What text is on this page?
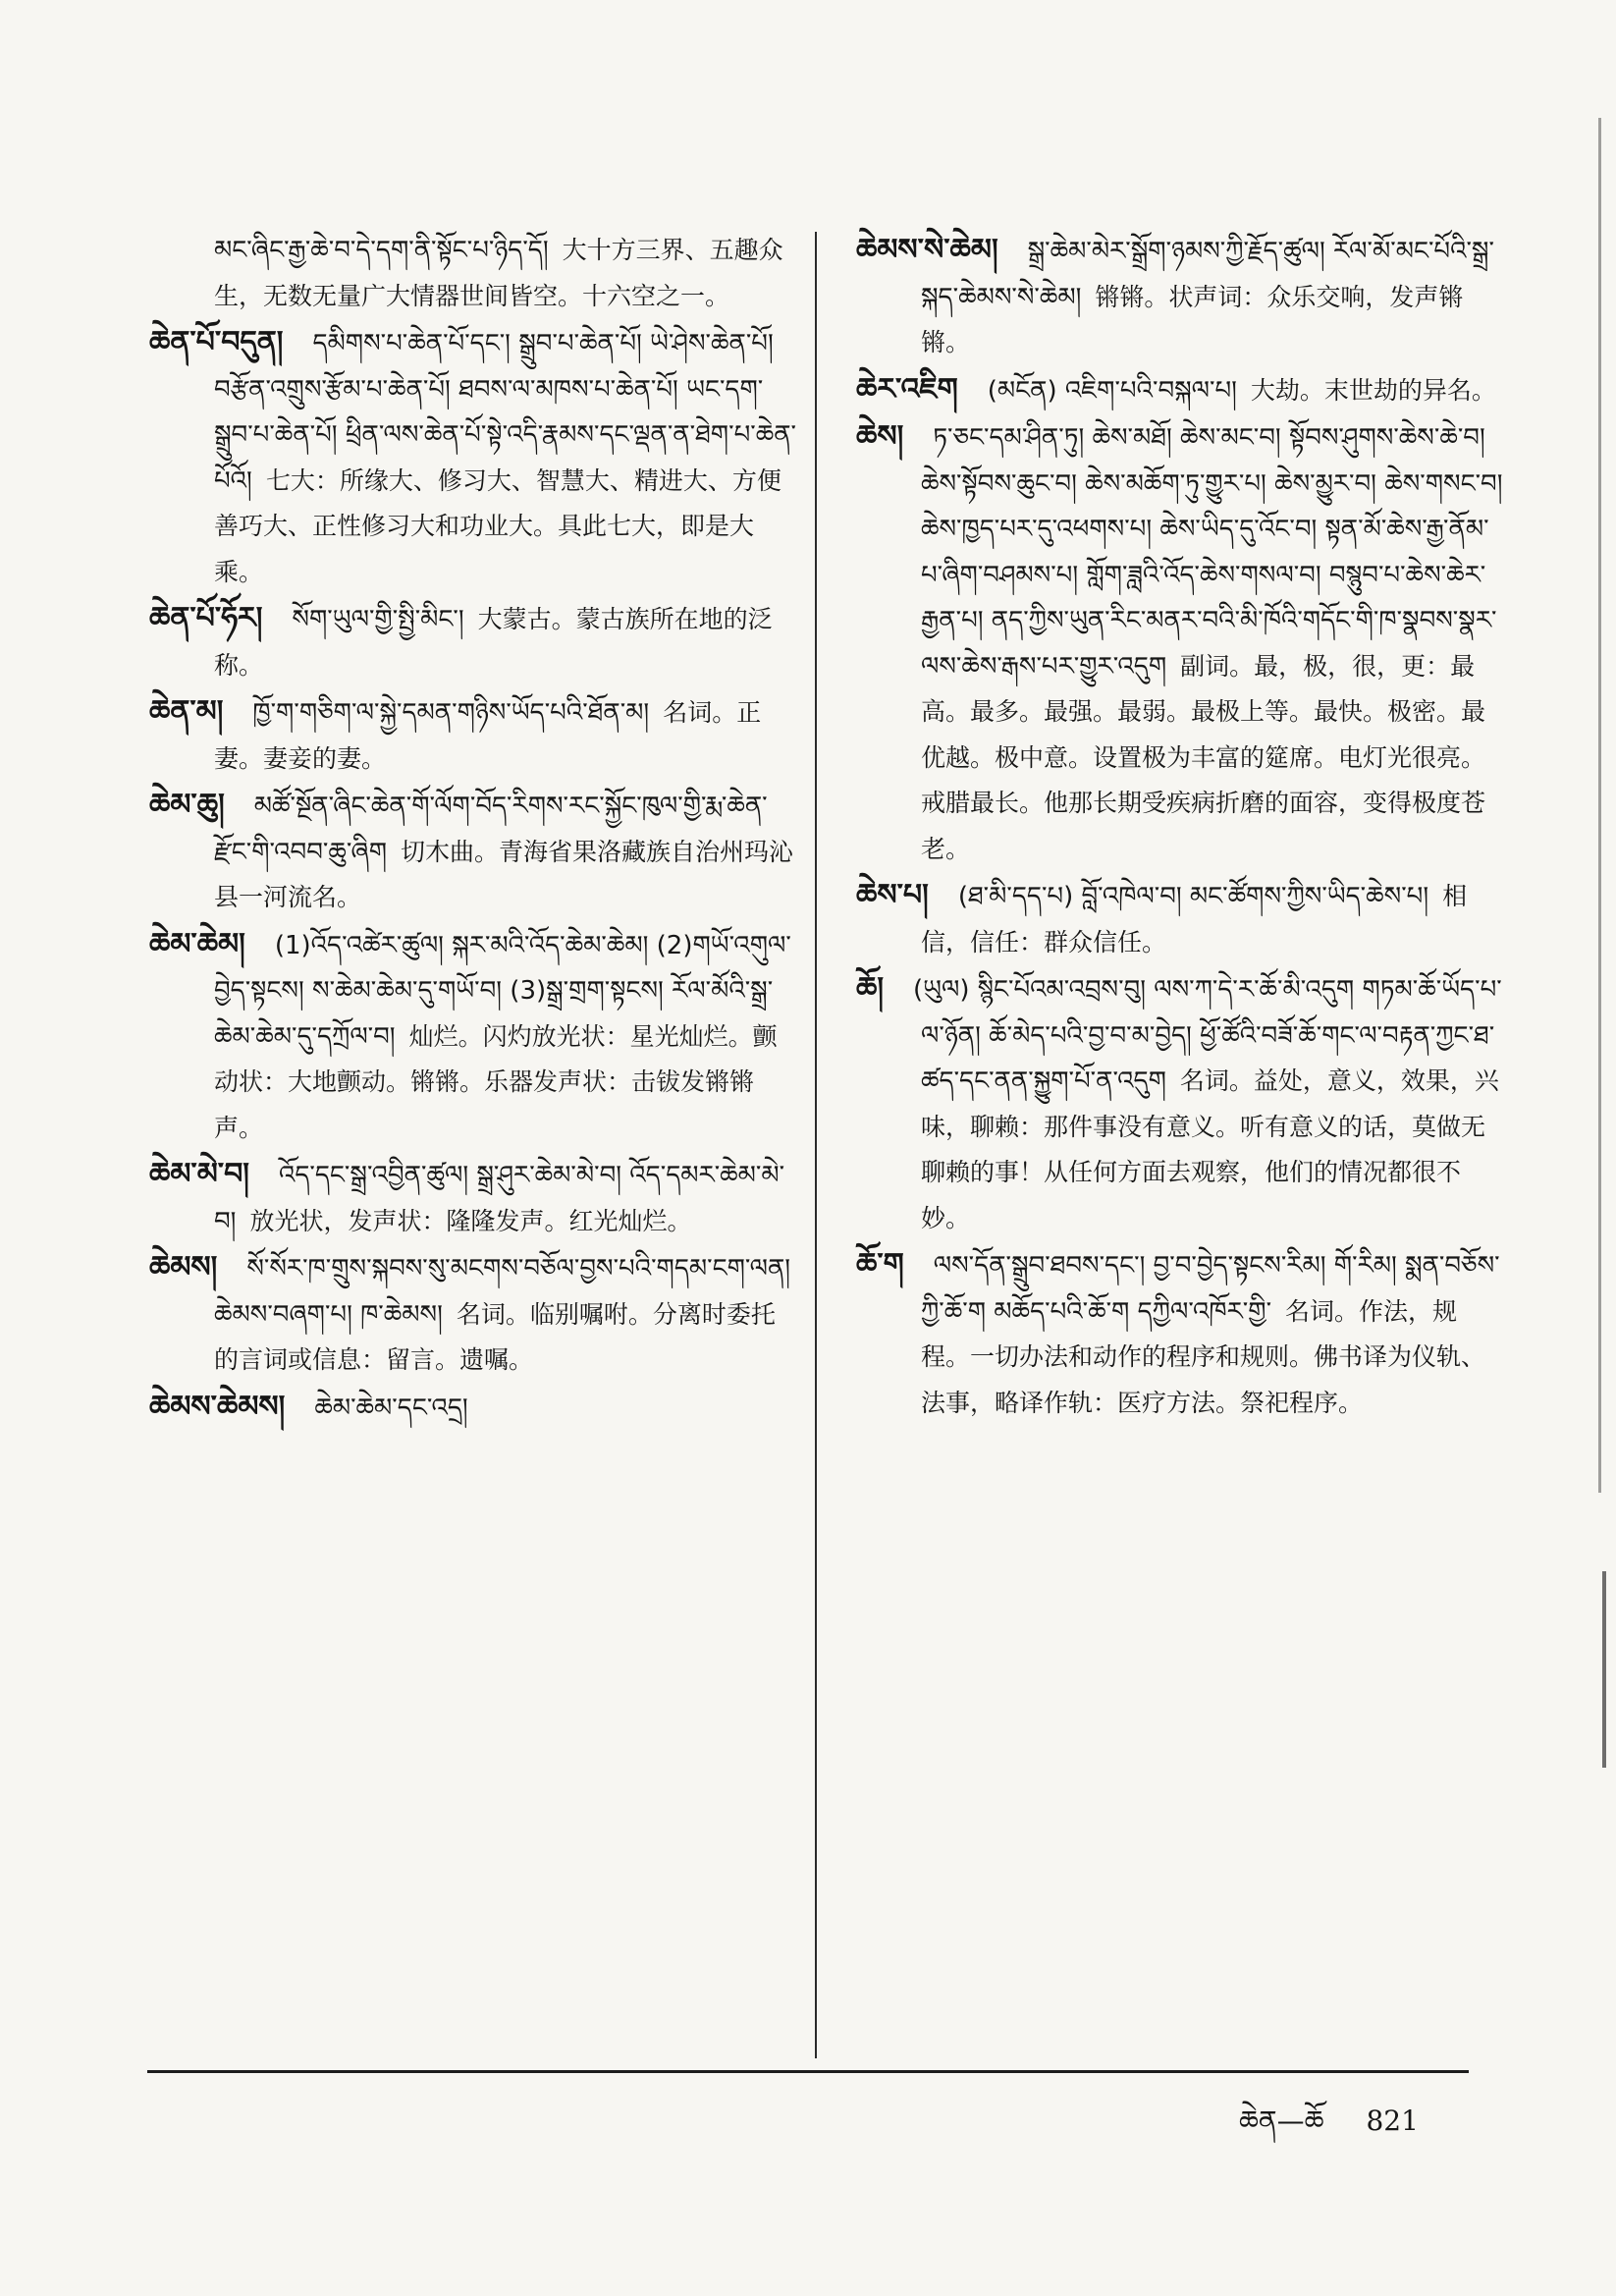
མང་ཞིང་རྒྱ་ཆེ་བ་དེ་དག་ནི་སྟོང་པ་ཉིད་དོ། 大十方三界、五趣众生，无数无量广大情器世间皆空。十六空之一。
ཆེན་པོ་བདུན། དམིགས་པ་ཆེན་པོ་དང་། སྒྲུབ་པ་ཆེན་པོ། ཡེ་ཤེས་ཆེན་པོ། བརྩོན་འགྲུས་རྩོམ་པ་ཆེན་པོ། ཐབས་ལ་མཁས་པ་ཆེན་པོ། ཡང་དག་སྒྲུབ་པ་ཆེན་པོ། ཕྲིན་ལས་ཆེན་པོ་སྟེ་འདི་རྣམས་དང་ལྡན་ན་ཐེག་པ་ཆེན་པོའོ། 七大：所缘大、修习大、智慧大、精进大、方便善巧大、正性修习大和功业大。具此七大，即是大乘。
ཆེན་པོ་ཧོར། སོག་ཡུལ་གྱི་སྤྱི་མིང་། 大蒙古。蒙古族所在地的泛称。
ཆེན་མ། ཁྱོ་ག་གཅིག་ལ་སྐྱེ་དམན་གཉིས་ཡོད་པའི་ཐོན་མ། 名词。正妻。妻妾的妻。
ཆེམ་ཆུ། མཚོ་སྔོན་ཞིང་ཆེན་གོ་ལོག་བོད་རིགས་རང་སྐྱོང་ཁུལ་གྱི་རྨ་ཆེན་རྫོང་གི་འབབ་ཆུ་ཞིག 切木曲。青海省果洛藏族自治州玛沁县一河流名。
ཆེམ་ཆེམ། (1)འོད་འཚེར་ཚུལ། སྐར་མའི་འོད་ཆེམ་ཆེམ། (2)གཡོ་འགུལ་བྱེད་སྟངས། ས་ཆེམ་ཆེམ་དུ་གཡོ་བ། (3)སྒྲ་གྲག་སྟངས། རོལ་མོའི་སྒྲ་ཆེམ་ཆེམ་དུ་དཀྲོལ་བ། 灿烂。闪灼放光状：星光灿烂。颤动状：大地颤动。锵锵。乐器发声状：击钹发锵锵声。
ཆེམ་མེ་བ། འོད་དང་སྒྲ་འབྱིན་ཚུལ། སྒྲ་ཤུར་ཆེམ་མེ་བ། འོད་དམར་ཆེམ་མེ་བ། 放光状，发声状：隆隆发声。红光灿烂。
ཆེམས། སོ་སོར་ཁ་གྲུས་སྐབས་སུ་མངགས་བཅོལ་བྱས་པའི་གདམ་ངག་ལན། ཆེམས་བཞག་པ། ཁ་ཆེམས། 名词。临别嘱咐。分离时委托的言词或信息：留言。遗嘱。
ཆེམས་ཆེམས། ཆེམ་ཆེམ་དང་འདྲ།
ཆེམས་སེ་ཆེམ། སྒྲ་ཆེམ་མེར་སྒྲོག་ཉམས་ཀྱི་རྗོད་ཚུལ། རོལ་མོ་མང་པོའི་སྒྲ་སྐད་ཆེམས་སེ་ཆེམ། 锵锵。状声词：众乐交响，发声锵锵。
ཆེར་འཇིག (མངོན) འཇིག་པའི་བསྐལ་པ། 大劫。末世劫的异名。
ཆེས། ཏ་ཅང་དམ་ཤིན་ཏུ། ཆེས་མཐོ། ཆེས་མང་བ། སྟོབས་ཤུགས་ཆེས་ཆེ་བ། ཆེས་སྟོབས་ཆུང་བ། ཆེས་མཆོག་ཏུ་གྱུར་པ། ཆེས་མྱུར་བ། ཆེས་གསང་བ། ཆེས་ཁྱད་པར་དུ་འཕགས་པ། ཆེས་ཡིད་དུ་འོང་བ། སྟན་མོ་ཆེས་རྒྱ་ནོམ་པ་ཞིག་བཤམས་པ། གློག་ཟླའི་འོད་ཆེས་གསལ་བ། བསྙུབ་པ་ཆེས་ཆེར་རྒྱན་པ། ནད་ཀྱིས་ཡུན་རིང་མནར་བའི་མི་ཁོའི་གདོང་གི་ཁ་སྣབས་སྣར་ལས་ཆེས་རྒས་པར་གྱུར་འདུག 副词。最，极，很，更：最高。最多。最强。最弱。最极上等。最快。极密。最优越。极中意。设置极为丰富的筵席。电灯光很亮。戒腊最长。他那长期受疾病折磨的面容，变得极度苍老。
ཆེས་པ། (ཐ་མི་དད་པ) བློ་འཁེལ་བ། མང་ཚོགས་ཀྱིས་ཡིད་ཆེས་པ། 相信，信任：群众信任。
ཆོ། (ཡུལ) སྙིང་པོའམ་འབྲས་བུ། ལས་ཀ་དེ་ར་ཆོ་མི་འདུག གཏམ་ཆོ་ཡོད་པ་ལ་ཉོན། ཆོ་མེད་པའི་བྱ་བ་མ་བྱེད། ཕྱོ་ཚོའི་བཟོ་ཆོ་གང་ལ་བརྟན་ཀྱང་ཐ་ཚད་དང་ནན་སྐྱུག་པོ་ན་འདུག 名词。益处，意义，效果，兴味，聊赖：那件事没有意义。听有意义的话，莫做无聊赖的事！从任何方面去观察，他们的情况都很不妙。
ཆོ་ག ལས་དོན་སྒྲུབ་ཐབས་དང་། བྱ་བ་བྱེད་སྟངས་རིམ། གོ་རིམ། སྨན་བཅོས་ཀྱི་ཆོ་ག མཆོད་པའི་ཆོ་ག དཀྱིལ་འཁོར་གྱི་ 名词。作法，规程。一切办法和动作的程序和规则。佛书译为仪轨、法事，略译作轨：医疗方法。祭祀程序。
ཆེན—ཆོ 821
